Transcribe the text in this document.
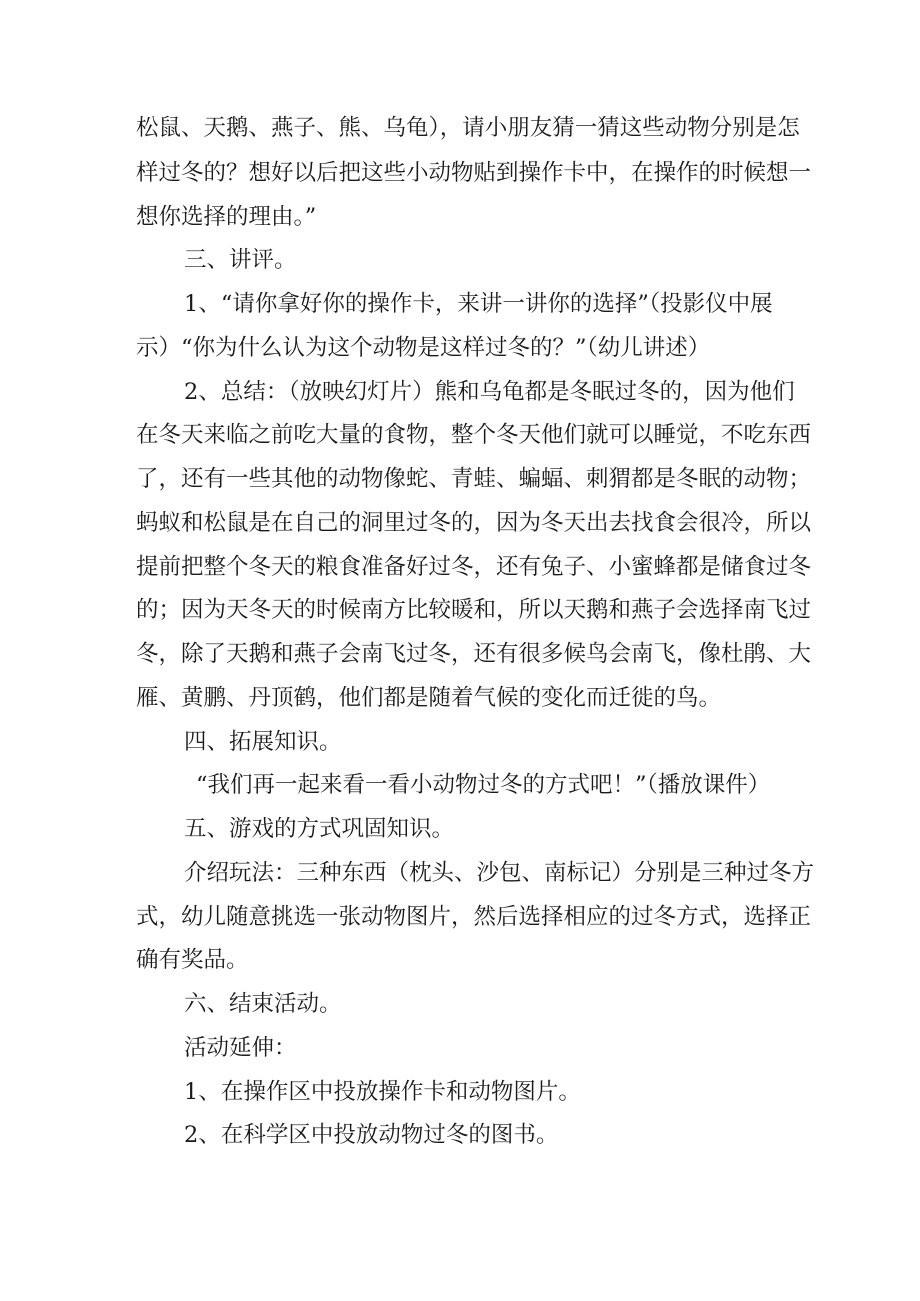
松鼠、天鹅、燕子、熊、乌龟），请小朋友猜一猜这些动物分别是怎

样过冬的？想好以后把这些小动物贴到操作卡中，在操作的时候想一

想你选择的理由。”

三、讲评。

1、“请你拿好你的操作卡，来讲一讲你的选择”（投影仪中展

示）“你为什么认为这个动物是这样过冬的？”（幼儿讲述）

2、总结：（放映幻灯片）熊和乌龟都是冬眠过冬的，因为他们

在冬天来临之前吃大量的食物，整个冬天他们就可以睡觉，不吃东西

了，还有一些其他的动物像蛇、青蛙、蝙蝠、刺猬都是冬眠的动物；

蚂蚁和松鼠是在自己的洞里过冬的，因为冬天出去找食会很冷，所以

提前把整个冬天的粮食准备好过冬，还有兔子、小蜜蜂都是储食过冬

的；因为天冬天的时候南方比较暖和，所以天鹅和燕子会选择南飞过

冬，除了天鹅和燕子会南飞过冬，还有很多候鸟会南飞，像杜鹃、大

雁、黄鹏、丹顶鹤，他们都是随着气候的变化而迁徙的鸟。

四、拓展知识。

“我们再一起来看一看小动物过冬的方式吧！”（播放课件）

五、游戏的方式巩固知识。

介绍玩法：三种东西（枕头、沙包、南标记）分别是三种过冬方

式，幼儿随意挑选一张动物图片，然后选择相应的过冬方式，选择正

确有奖品。

六、结束活动。

活动延伸：

1、在操作区中投放操作卡和动物图片。

2、在科学区中投放动物过冬的图书。
